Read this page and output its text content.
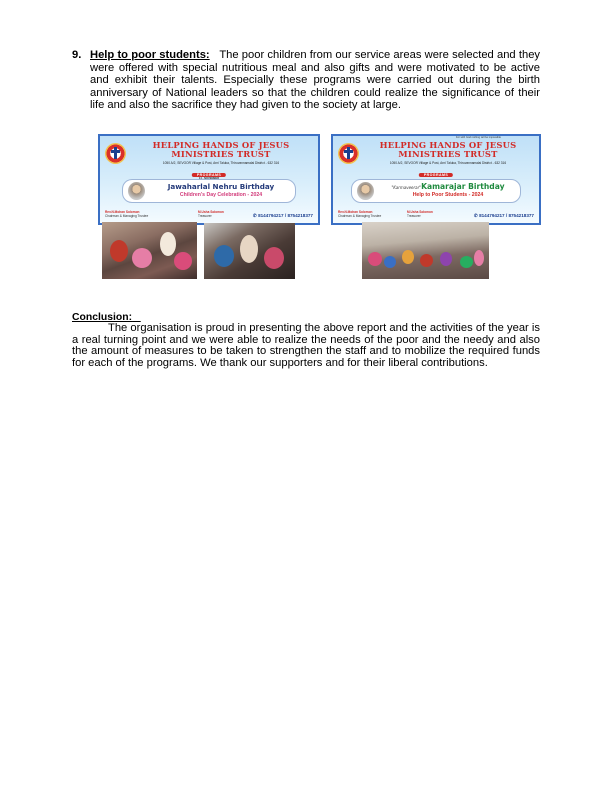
9. Help to poor students: The poor children from our service areas were selected and they were offered with special nutritious meal and also gifts and were motivated to be active and exhibit their talents. Especially these programs were carried out during the birth anniversary of National leaders so that the children could realize the significance of their life and also the sacrifice they had given to the society at large.
HELPING HANDS OF JESUS
MINISTRIES TRUST
1050 A/2, SEVOOR Village & Post, Arni Taluka, Thiruvannamalai District - 632 316
PROGRAMS
Jawaharlal Nehru Birthday
Children's Day Celebration - 2024
Rev.N.Mohan Solomon
Chairman & Managing Trustee
M.Usha Solomon
Treasurer	✆ 8144794217 / 8754218377
For with God nothing will be impossible
HELPING HANDS OF JESUS
MINISTRIES TRUST
1050 A/2, SEVOOR Village & Post, Arni Taluka, Thiruvannamalai District - 632 316
PROGRAMS
"Karmaveerar"Kamarajar Birthday
Help to Poor Students - 2024
Rev.N.Mohan Solomon
Chairman & Managing Trustee
M.Usha Solomon
Treasurer	✆ 8144794217 / 8754218377
Conclusion:
The organisation is proud in presenting the above report and the activities of the year is a real turning point and we were able to realize the needs of the poor and the needy and also the amount of measures to be taken to strengthen the staff and to mobilize the required funds for each of the programs. We thank our supporters and for their liberal contributions.
